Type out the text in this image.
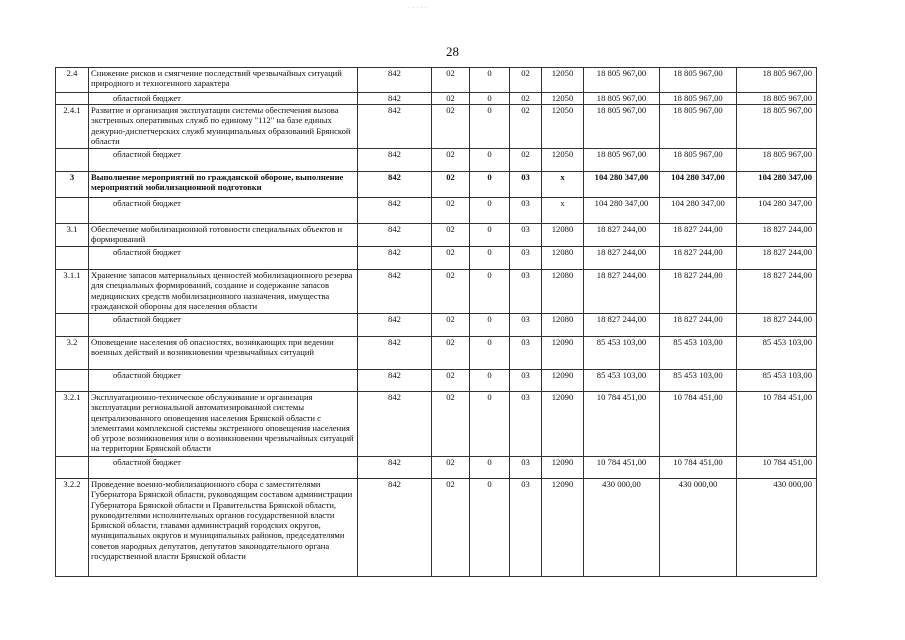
28
2.4	Снижение рисков и смягчение последствий чрезвычайных ситуаций природного и техногенного характера	842	02	0	02	12050	18 805 967,00	18 805 967,00	18 805 967,00
	областной бюджет	842	02	0	02	12050	18 805 967,00	18 805 967,00	18 805 967,00
2.4.1	Развитие и организация эксплуатации системы обеспечения вызова экстренных оперативных служб по единому "112" на базе единых дежурно-диспетчерских служб муниципальных образований Брянской области	842	02	0	02	12050	18 805 967,00	18 805 967,00	18 805 967,00
	областной бюджет	842	02	0	02	12050	18 805 967,00	18 805 967,00	18 805 967,00
3	Выполнение мероприятий по гражданской обороне, выполнение мероприятий мобилизационной подготовки	842	02	0	03	х	104 280 347,00	104 280 347,00	104 280 347,00
	областной бюджет	842	02	0	03	х	104 280 347,00	104 280 347,00	104 280 347,00
3.1	Обеспечение мобилизационной готовности специальных объектов и формирований	842	02	0	03	12080	18 827 244,00	18 827 244,00	18 827 244,00
	областной бюджет	842	02	0	03	12080	18 827 244,00	18 827 244,00	18 827 244,00
3.1.1	Хранение запасов материальных ценностей мобилизационного резерва для специальных формирований, создание и содержание запасов медицинских средств мобилизационного назначения, имущества гражданской обороны для населения области	842	02	0	03	12080	18 827 244,00	18 827 244,00	18 827 244,00
	областной бюджет	842	02	0	03	12080	18 827 244,00	18 827 244,00	18 827 244,00
3.2	Оповещение населения об опасностях, возникающих при ведении военных действий и возникновении чрезвычайных ситуаций	842	02	0	03	12090	85 453 103,00	85 453 103,00	85 453 103,00
	областной бюджет	842	02	0	03	12090	85 453 103,00	85 453 103,00	85 453 103,00
3.2.1	Эксплуатационно-техническое обслуживание и организация эксплуатации региональной автоматизированной системы централизованного оповещения населения Брянской области с элементами комплексной системы экстренного оповещения населения об угрозе возникновения или о возникновении чрезвычайных ситуаций на территории Брянской области	842	02	0	03	12090	10 784 451,00	10 784 451,00	10 784 451,00
	областной бюджет	842	02	0	03	12090	10 784 451,00	10 784 451,00	10 784 451,00
3.2.2	Проведение военно-мобилизационного сбора с заместителями Губернатора Брянской области, руководящим составом администрации Губернатора Брянской области и Правительства Брянской области, руководителями исполнительных органов государственной власти Брянской области, главами администраций городских округов, муниципальных округов и муниципальных районов, председателями советов народных депутатов, депутатов законодательного органа государственной власти Брянской области	842	02	0	03	12090	430 000,00	430 000,00	430 000,00
· · · · ·
